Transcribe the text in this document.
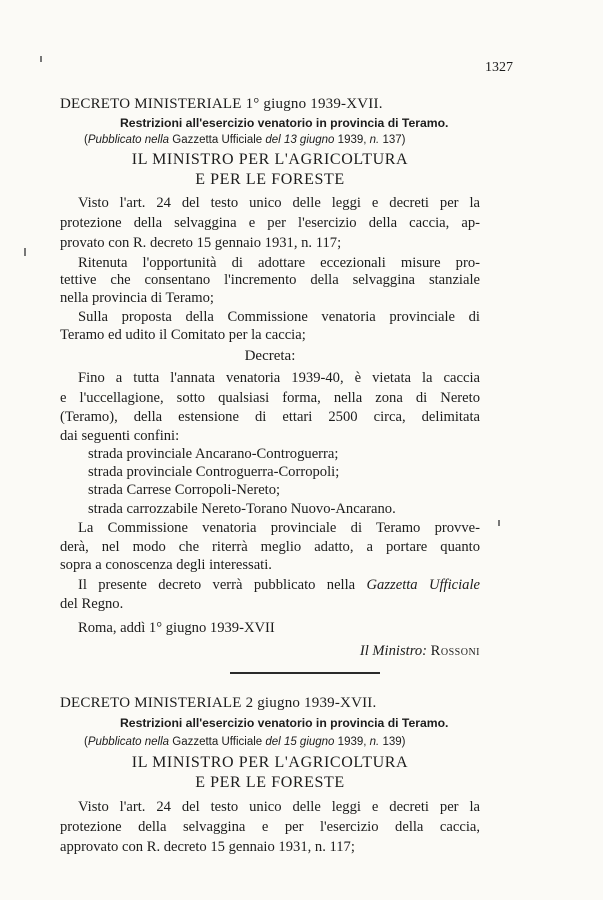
1327
DECRETO MINISTERIALE 1° giugno 1939-XVII.
Restrizioni all'esercizio venatorio in provincia di Teramo.
(Pubblicato nella Gazzetta Ufficiale del 13 giugno 1939, n. 137)
IL MINISTRO PER L'AGRICOLTURA
E PER LE FORESTE
Visto l'art. 24 del testo unico delle leggi e decreti per la
protezione della selvaggina e per l'esercizio della caccia, ap-
provato con R. decreto 15 gennaio 1931, n. 117;
Ritenuta l'opportunità di adottare eccezionali misure pro-
tettive che consentano l'incremento della selvaggina stanziale
nella provincia di Teramo;
Sulla proposta della Commissione venatoria provinciale di
Teramo ed udito il Comitato per la caccia;
Decreta:
Fino a tutta l'annata venatoria 1939-40, è vietata la caccia
e l'uccellagione, sotto qualsiasi forma, nella zona di Nereto
(Teramo), della estensione di ettari 2500 circa, delimitata
dai seguenti confini:
strada provinciale Ancarano-Controguerra;
strada provinciale Controguerra-Corropoli;
strada Carrese Corropoli-Nereto;
strada carrozzabile Nereto-Torano Nuovo-Ancarano.
La Commissione venatoria provinciale di Teramo provve-
derà, nel modo che riterrà meglio adatto, a portare quanto
sopra a conoscenza degli interessati.
Il presente decreto verrà pubblicato nella Gazzetta Ufficiale
del Regno.
Roma, addì 1° giugno 1939-XVII
Il Ministro: Rossoni
DECRETO MINISTERIALE 2 giugno 1939-XVII.
Restrizioni all'esercizio venatorio in provincia di Teramo.
(Pubblicato nella Gazzetta Ufficiale del 15 giugno 1939, n. 139)
IL MINISTRO PER L'AGRICOLTURA
E PER LE FORESTE
Visto l'art. 24 del testo unico delle leggi e decreti per la
protezione della selvaggina e per l'esercizio della caccia,
approvato con R. decreto 15 gennaio 1931, n. 117;
